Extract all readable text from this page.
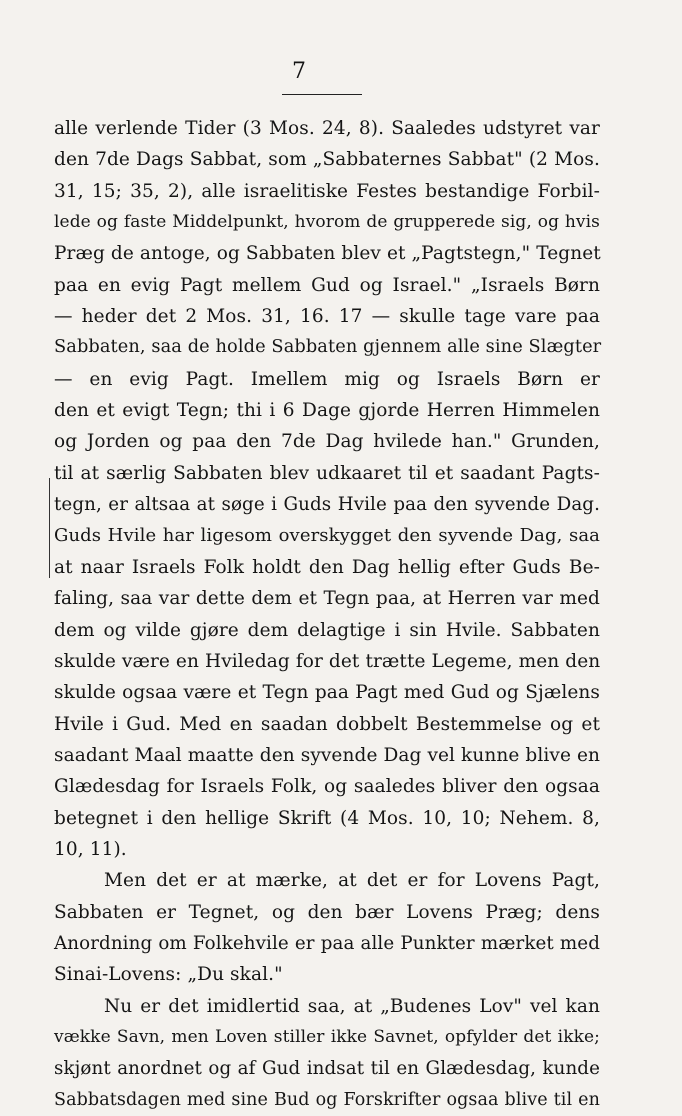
7
alle verlende Tider (3 Mos. 24, 8). Saaledes udstyret var
den 7de Dags Sabbat, som „Sabbaternes Sabbat" (2 Mos.
31, 15; 35, 2), alle israelitiske Festes bestandige Forbil-
lede og faste Middelpunkt, hvorom de grupperede sig, og hvis
Præg de antoge, og Sabbaten blev et „Pagtstegn," Tegnet
paa en evig Pagt mellem Gud og Israel." „Israels Børn
— heder det 2 Mos. 31, 16. 17 — skulle tage vare paa
Sabbaten, saa de holde Sabbaten gjennem alle sine Slægter
— en evig Pagt. Imellem mig og Israels Børn er
den et evigt Tegn; thi i 6 Dage gjorde Herren Himmelen
og Jorden og paa den 7de Dag hvilede han." Grunden,
til at særlig Sabbaten blev udkaaret til et saadant Pagts-
tegn, er altsaa at søge i Guds Hvile paa den syvende Dag.
Guds Hvile har ligesom overskygget den syvende Dag, saa
at naar Israels Folk holdt den Dag hellig efter Guds Be-
faling, saa var dette dem et Tegn paa, at Herren var med
dem og vilde gjøre dem delagtige i sin Hvile. Sabbaten
skulde være en Hviledag for det trætte Legeme, men den
skulde ogsaa være et Tegn paa Pagt med Gud og Sjælens
Hvile i Gud. Med en saadan dobbelt Bestemmelse og et
saadant Maal maatte den syvende Dag vel kunne blive en
Glædesdag for Israels Folk, og saaledes bliver den ogsaa
betegnet i den hellige Skrift (4 Mos. 10, 10; Nehem. 8,
10, 11).
Men det er at mærke, at det er for Lovens Pagt,
Sabbaten er Tegnet, og den bær Lovens Præg; dens
Anordning om Folkehvile er paa alle Punkter mærket med
Sinai-Lovens: „Du skal."
Nu er det imidlertid saa, at „Budenes Lov" vel kan
vække Savn, men Loven stiller ikke Savnet, opfylder det ikke;
skjønt anordnet og af Gud indsat til en Glædesdag, kunde
Sabbatsdagen med sine Bud og Forskrifter ogsaa blive til en
